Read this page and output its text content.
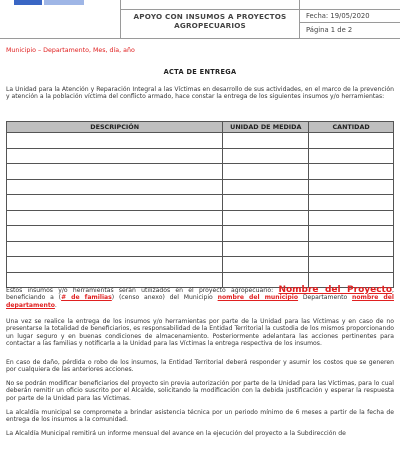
APOYO CON INSUMOS A PROYECTOS AGROPECUARIOS
Fecha: 19/05/2020
Página 1 de 2
Municipio – Departamento, Mes, día, año
ACTA DE ENTREGA
La Unidad para la Atención y Reparación Integral a las Víctimas en desarrollo de sus actividades, en el marco de la prevención y atención a la población víctima del conflicto armado, hace constar la entrega de los siguientes insumos y/o herramientas:
DESCRIPCIÓN	UNIDAD DE MEDIDA	CANTIDAD

Estos insumos y/o herramientas serán utilizados en el proyecto agropecuario: Nombre del Proyecto, beneficiando a (# de familias) (censo anexo) del Municipio nombre del municipio Departamento nombre del departamento.
Una vez se realice la entrega de los insumos y/o herramientas por parte de la Unidad para las Víctimas y en caso de no presentarse la totalidad de beneficiarios, es responsabilidad de la Entidad Territorial la custodia de los mismos proporcionando un lugar seguro y en buenas condiciones de almacenamiento. Posteriormente adelantara las acciones pertinentes para contactar a las familias y notificarla a la Unidad para las Víctimas la entrega respectiva de los insumos.
En caso de daño, pérdida o robo de los insumos, la Entidad Territorial deberá responder y asumir los costos que se generen por cualquiera de las anteriores acciones.
No se podrán modificar beneficiarios del proyecto sin previa autorización por parte de la Unidad para las Víctimas, para lo cual deberán remitir un oficio suscrito por el Alcalde, solicitando la modificación con la debida justificación y esperar la respuesta por parte de la Unidad para las Víctimas.
La alcaldía municipal se compromete a brindar asistencia técnica por un periodo mínimo de 6 meses a partir de la fecha de entrega de los insumos a la comunidad.
La Alcaldía Municipal remitirá un informe mensual del avance en la ejecución del proyecto a la Subdirección de
